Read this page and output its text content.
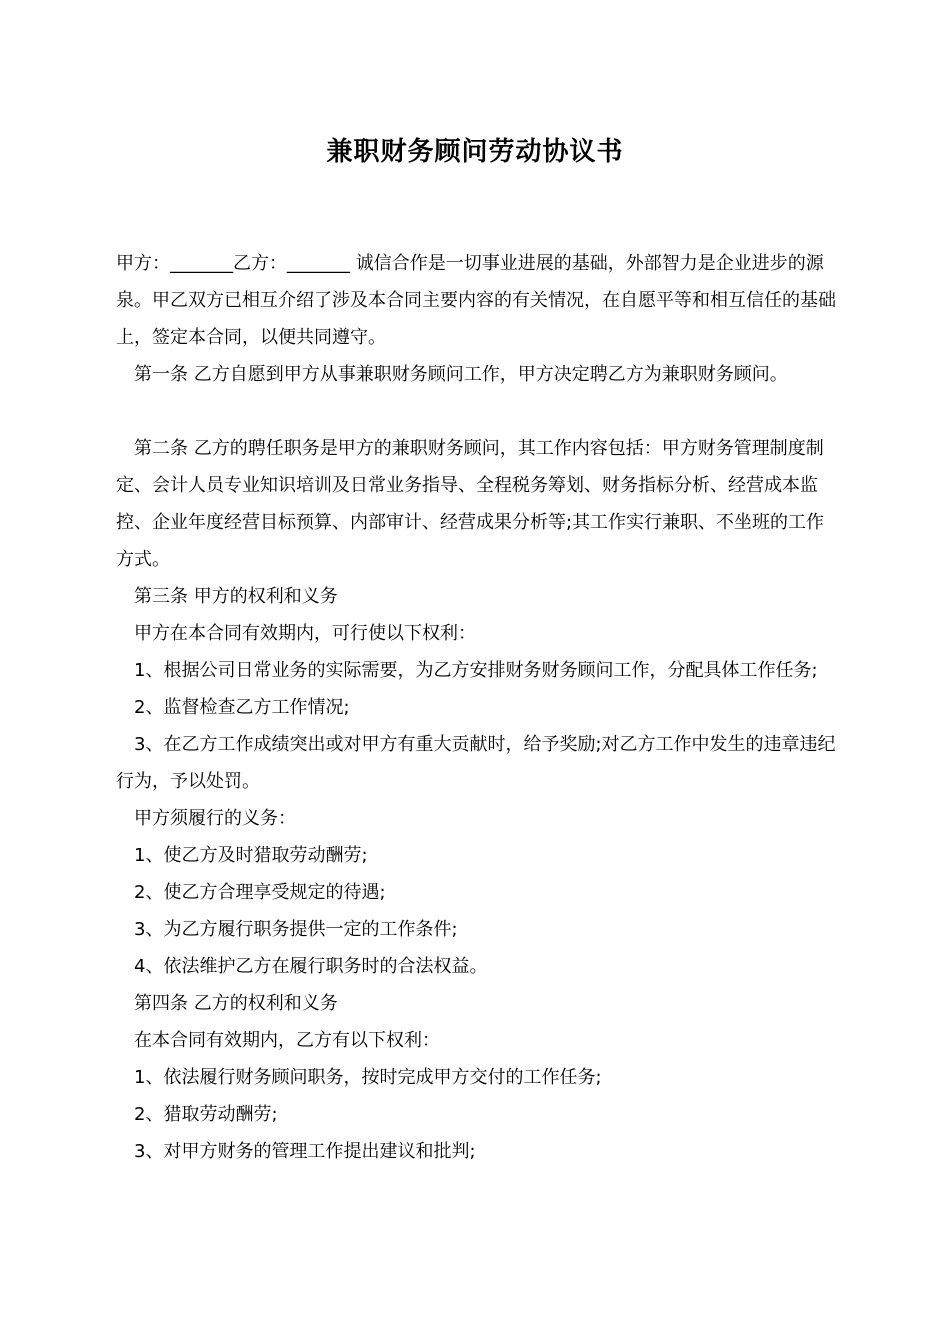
兼职财务顾问劳动协议书

甲方：_______乙方：_______ 诚信合作是一切事业进展的基础，外部智力是企业进步的源泉。甲乙双方已相互介绍了涉及本合同主要内容的有关情况，在自愿平等和相互信任的基础上，签定本合同，以便共同遵守。

第一条 乙方自愿到甲方从事兼职财务顾问工作，甲方决定聘乙方为兼职财务顾问。

第二条 乙方的聘任职务是甲方的兼职财务顾问，其工作内容包括：甲方财务管理制度制定、会计人员专业知识培训及日常业务指导、全程税务筹划、财务指标分析、经营成本监控、企业年度经营目标预算、内部审计、经营成果分析等;其工作实行兼职、不坐班的工作方式。

第三条 甲方的权利和义务

甲方在本合同有效期内，可行使以下权利：

1、根据公司日常业务的实际需要，为乙方安排财务财务顾问工作，分配具体工作任务;

2、监督检查乙方工作情况;

3、在乙方工作成绩突出或对甲方有重大贡献时，给予奖励;对乙方工作中发生的违章违纪行为，予以处罚。

甲方须履行的义务：

1、使乙方及时猎取劳动酬劳;

2、使乙方合理享受规定的待遇;

3、为乙方履行职务提供一定的工作条件;

4、依法维护乙方在履行职务时的合法权益。

第四条 乙方的权利和义务

在本合同有效期内，乙方有以下权利：

1、依法履行财务顾问职务，按时完成甲方交付的工作任务;

2、猎取劳动酬劳;

3、对甲方财务的管理工作提出建议和批判;
